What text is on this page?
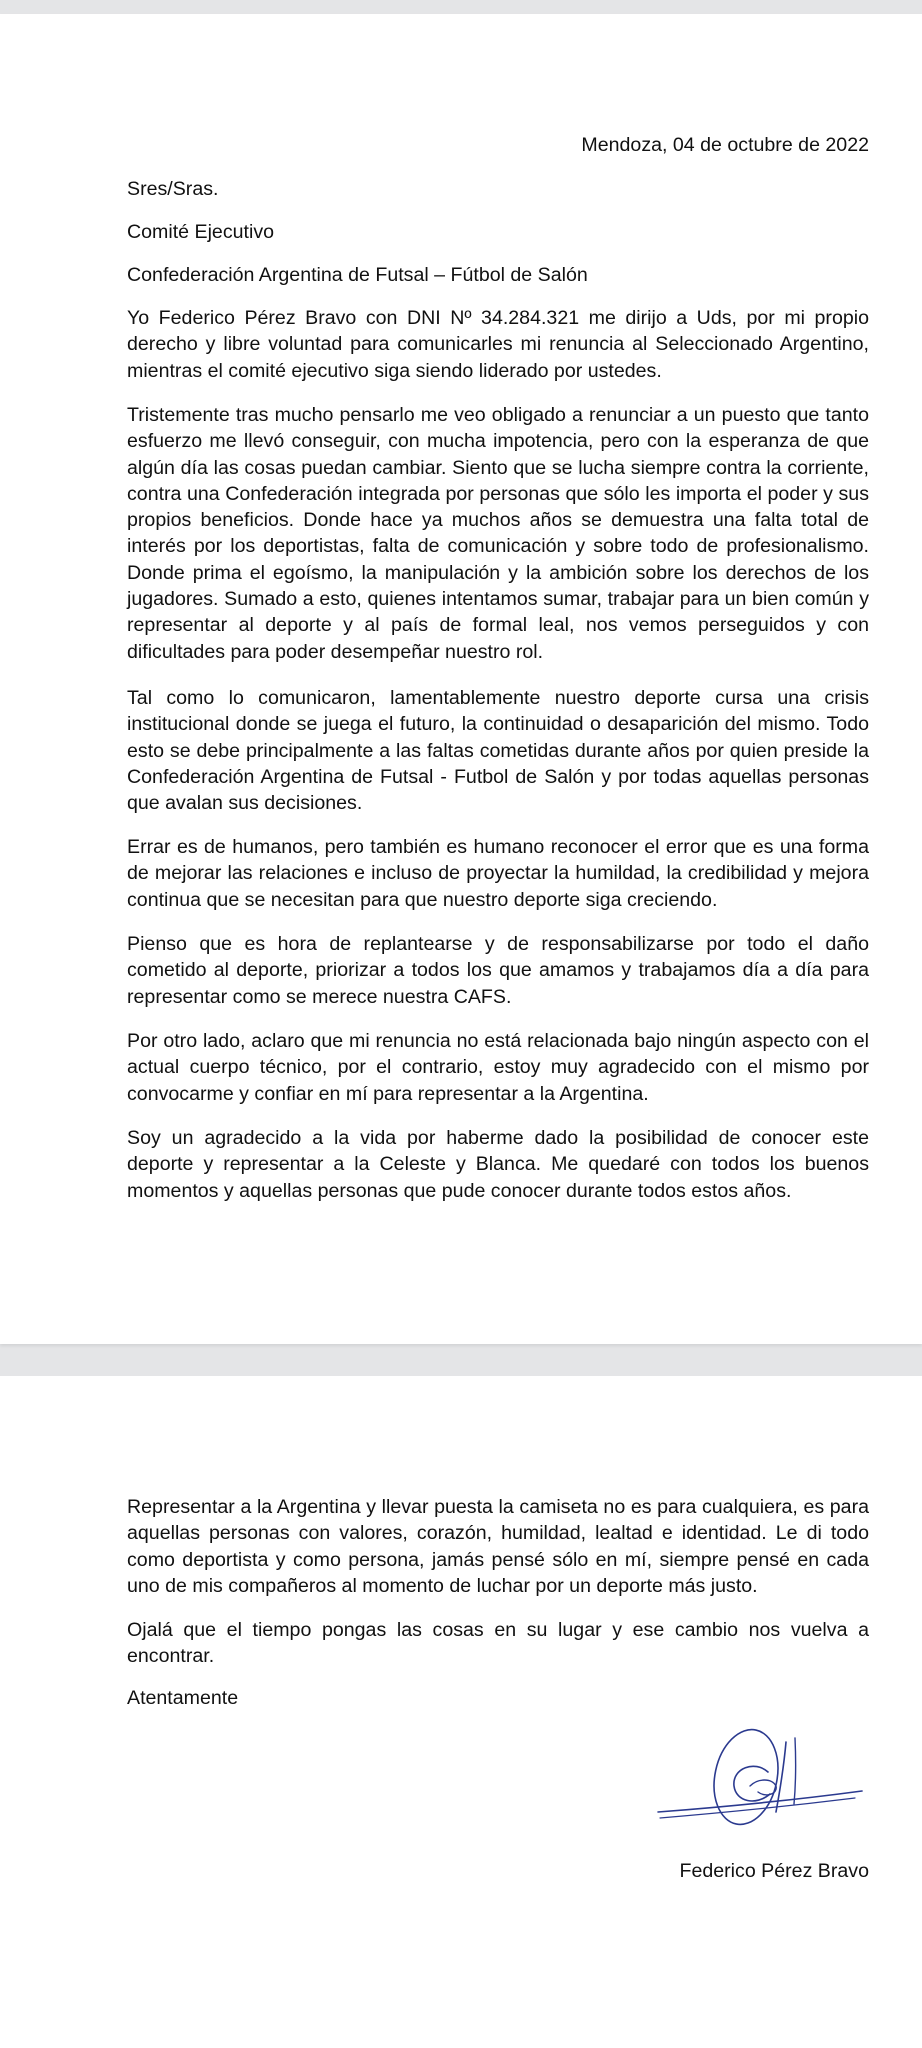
Mendoza, 04 de octubre de 2022

Sres/Sras.

Comité Ejecutivo

Confederación Argentina de Futsal – Fútbol de Salón

Yo Federico Pérez Bravo con DNI Nº 34.284.321 me dirijo a Uds, por mi propio derecho y libre voluntad para comunicarles mi renuncia al Seleccionado Argentino, mientras el comité ejecutivo siga siendo liderado por ustedes.

Tristemente tras mucho pensarlo me veo obligado a renunciar a un puesto que tanto esfuerzo me llevó conseguir, con mucha impotencia, pero con la esperanza de que algún día las cosas puedan cambiar. Siento que se lucha siempre contra la corriente, contra una Confederación integrada por personas que sólo les importa el poder y sus propios beneficios. Donde hace ya muchos años se demuestra una falta total de interés por los deportistas, falta de comunicación y sobre todo de profesionalismo. Donde prima el egoísmo, la manipulación y la ambición sobre los derechos de los jugadores. Sumado a esto, quienes intentamos sumar, trabajar para un bien común y representar al deporte y al país de formal leal, nos vemos perseguidos y con dificultades para poder desempeñar nuestro rol.

Tal como lo comunicaron, lamentablemente nuestro deporte cursa una crisis institucional donde se juega el futuro, la continuidad o desaparición del mismo. Todo esto se debe principalmente a las faltas cometidas durante años por quien preside la Confederación Argentina de Futsal - Futbol de Salón y por todas aquellas personas que avalan sus decisiones.

Errar es de humanos, pero también es humano reconocer el error que es una forma de mejorar las relaciones e incluso de proyectar la humildad, la credibilidad y mejora continua que se necesitan para que nuestro deporte siga creciendo.

Pienso que es hora de replantearse y de responsabilizarse por todo el daño cometido al deporte, priorizar a todos los que amamos y trabajamos día a día para representar como se merece nuestra CAFS.

Por otro lado, aclaro que mi renuncia no está relacionada bajo ningún aspecto con el actual cuerpo técnico, por el contrario, estoy muy agradecido con el mismo por convocarme y confiar en mí para representar a la Argentina.

Soy un agradecido a la vida por haberme dado la posibilidad de conocer este deporte y representar a la Celeste y Blanca. Me quedaré con todos los buenos momentos y aquellas personas que pude conocer durante todos estos años.

Representar a la Argentina y llevar puesta la camiseta no es para cualquiera, es para aquellas personas con valores, corazón, humildad, lealtad e identidad. Le di todo como deportista y como persona, jamás pensé sólo en mí, siempre pensé en cada uno de mis compañeros al momento de luchar por un deporte más justo.

Ojalá que el tiempo pongas las cosas en su lugar y ese cambio nos vuelva a encontrar.

Atentamente

Federico Pérez Bravo
